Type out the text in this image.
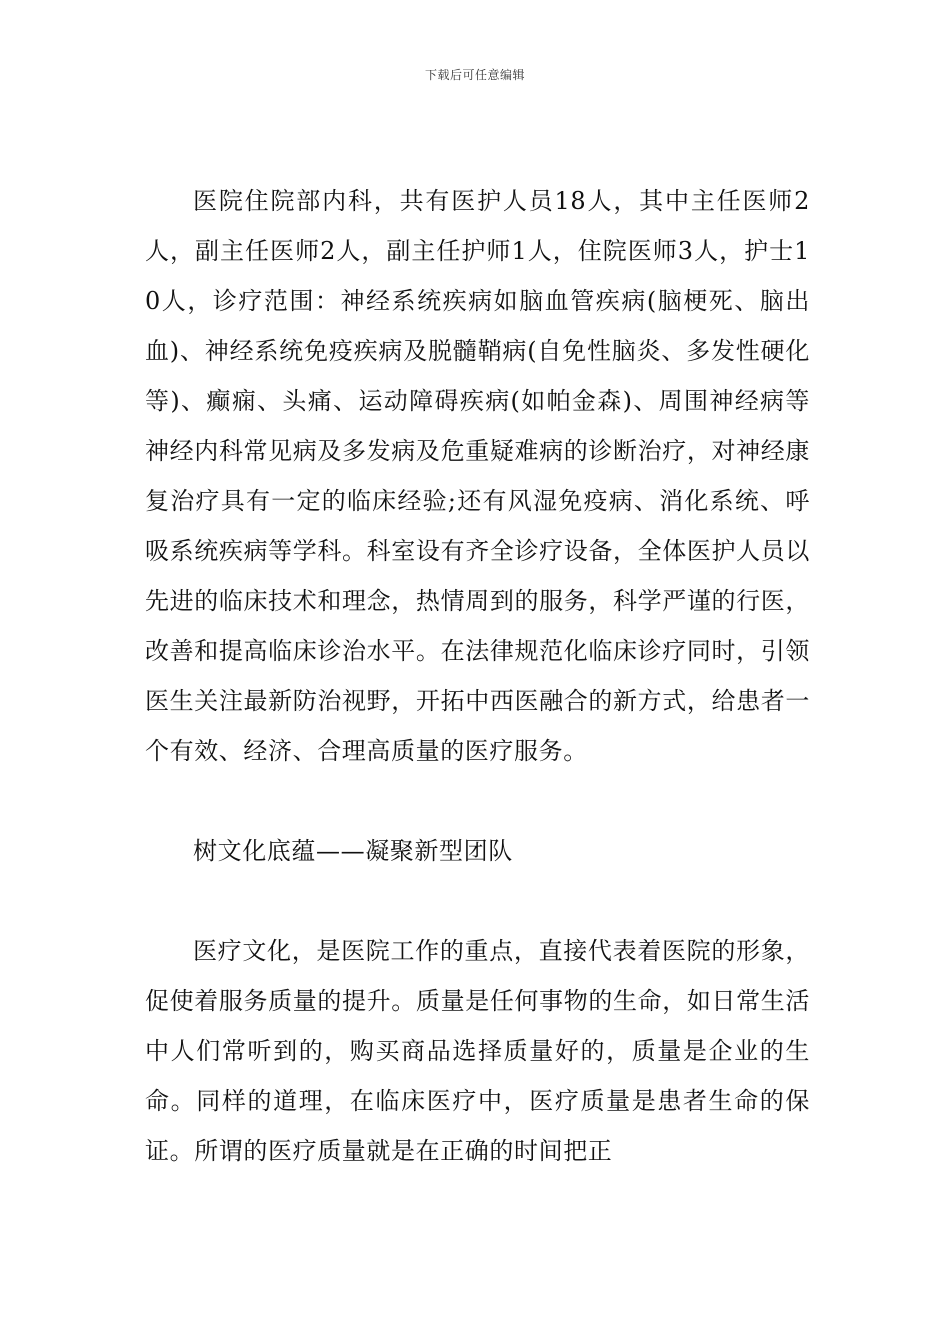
下载后可任意编辑

医院住院部内科，共有医护人员18人，其中主任医师2人，副主任医师2人，副主任护师1人，住院医师3人，护士10人，诊疗范围：神经系统疾病如脑血管疾病(脑梗死、脑出血)、神经系统免疫疾病及脱髓鞘病(自免性脑炎、多发性硬化等)、癫痫、头痛、运动障碍疾病(如帕金森)、周围神经病等神经内科常见病及多发病及危重疑难病的诊断治疗，对神经康复治疗具有一定的临床经验;还有风湿免疫病、消化系统、呼吸系统疾病等学科。科室设有齐全诊疗设备，全体医护人员以先进的临床技术和理念，热情周到的服务，科学严谨的行医，改善和提高临床诊治水平。在法律规范化临床诊疗同时，引领医生关注最新防治视野，开拓中西医融合的新方式，给患者一个有效、经济、合理高质量的医疗服务。

树文化底蕴——凝聚新型团队

医疗文化，是医院工作的重点，直接代表着医院的形象，促使着服务质量的提升。质量是任何事物的生命，如日常生活中人们常听到的，购买商品选择质量好的，质量是企业的生命。同样的道理，在临床医疗中，医疗质量是患者生命的保证。所谓的医疗质量就是在正确的时间把正
